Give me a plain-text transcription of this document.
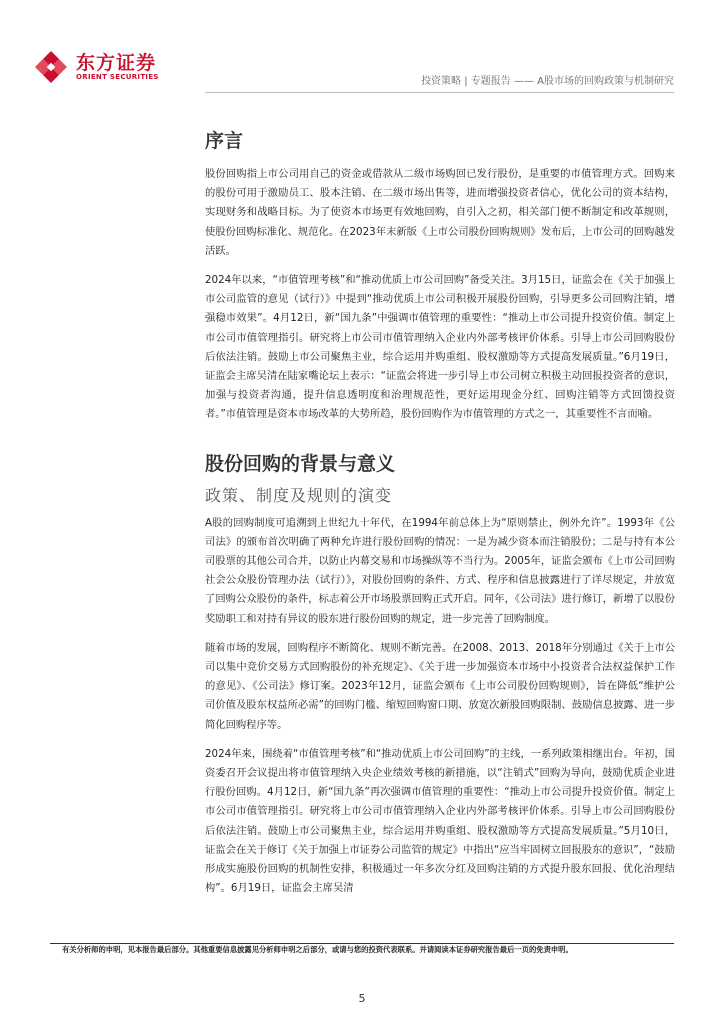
东方证券
ORIENT SECURITIES	投资策略 | 专题报告 —— A股市场的回购政策与机制研究
序言

股份回购指上市公司用自己的资金或借款从二级市场购回已发行股份，是重要的市值管理方式。回购来的股份可用于激励员工、股本注销、在二级市场出售等，进而增强投资者信心，优化公司的资本结构，实现财务和战略目标。为了使资本市场更有效地回购，自引入之初，相关部门便不断制定和改革规则，使股份回购标准化、规范化。在2023年末新版《上市公司股份回购规则》发布后，上市公司的回购越发活跃。

2024年以来，“市值管理考核”和“推动优质上市公司回购”备受关注。3月15日，证监会在《关于加强上市公司监管的意见（试行）》中提到“推动优质上市公司积极开展股份回购，引导更多公司回购注销，增强稳市效果”。4月12日，新“国九条”中强调市值管理的重要性：“推动上市公司提升投资价值。制定上市公司市值管理指引。研究将上市公司市值管理纳入企业内外部考核评价体系。引导上市公司回购股份后依法注销。鼓励上市公司聚焦主业，综合运用并购重组、股权激励等方式提高发展质量。”6月19日，证监会主席吴清在陆家嘴论坛上表示：“证监会将进一步引导上市公司树立积极主动回报投资者的意识，加强与投资者沟通，提升信息透明度和治理规范性，更好运用现金分红、回购注销等方式回馈投资者。”市值管理是资本市场改革的大势所趋，股份回购作为市值管理的方式之一，其重要性不言而喻。

股份回购的背景与意义
政策、制度及规则的演变

A股的回购制度可追溯到上世纪九十年代，在1994年前总体上为“原则禁止，例外允许”。1993年《公司法》的颁布首次明确了两种允许进行股份回购的情况：一是为减少资本而注销股份；二是与持有本公司股票的其他公司合并，以防止内幕交易和市场操纵等不当行为。2005年，证监会颁布《上市公司回购社会公众股份管理办法（试行）》，对股份回购的条件、方式、程序和信息披露进行了详尽规定，并放宽了回购公众股份的条件，标志着公开市场股票回购正式开启。同年，《公司法》进行修订，新增了以股份奖励职工和对持有异议的股东进行股份回购的规定，进一步完善了回购制度。

随着市场的发展，回购程序不断简化、规则不断完善。在2008、2013、2018年分别通过《关于上市公司以集中竞价交易方式回购股份的补充规定》、《关于进一步加强资本市场中小投资者合法权益保护工作的意见》、《公司法》修订案。2023年12月，证监会颁布《上市公司股份回购规则》，旨在降低“维护公司价值及股东权益所必需”的回购门槛、缩短回购窗口期、放宽次新股回购限制、鼓励信息披露、进一步简化回购程序等。

2024年来，围绕着“市值管理考核”和“推动优质上市公司回购”的主线，一系列政策相继出台。年初，国资委召开会议提出将市值管理纳入央企业绩效考核的新措施，以“注销式”回购为导向，鼓励优质企业进行股份回购。4月12日，新“国九条”再次强调市值管理的重要性：“推动上市公司提升投资价值。制定上市公司市值管理指引。研究将上市公司市值管理纳入企业内外部考核评价体系。引导上市公司回购股份后依法注销。鼓励上市公司聚焦主业，综合运用并购重组、股权激励等方式提高发展质量。”5月10日，证监会在关于修订《关于加强上市证券公司监管的规定》中指出“应当牢固树立回报股东的意识”，“鼓励形成实施股份回购的机制性安排，积极通过一年多次分红及回购注销的方式提升股东回报、优化治理结构”。6月19日，证监会主席吴清

有关分析师的申明，见本报告最后部分。其他重要信息披露见分析师申明之后部分，或请与您的投资代表联系。并请阅读本证券研究报告最后一页的免责申明。
5
